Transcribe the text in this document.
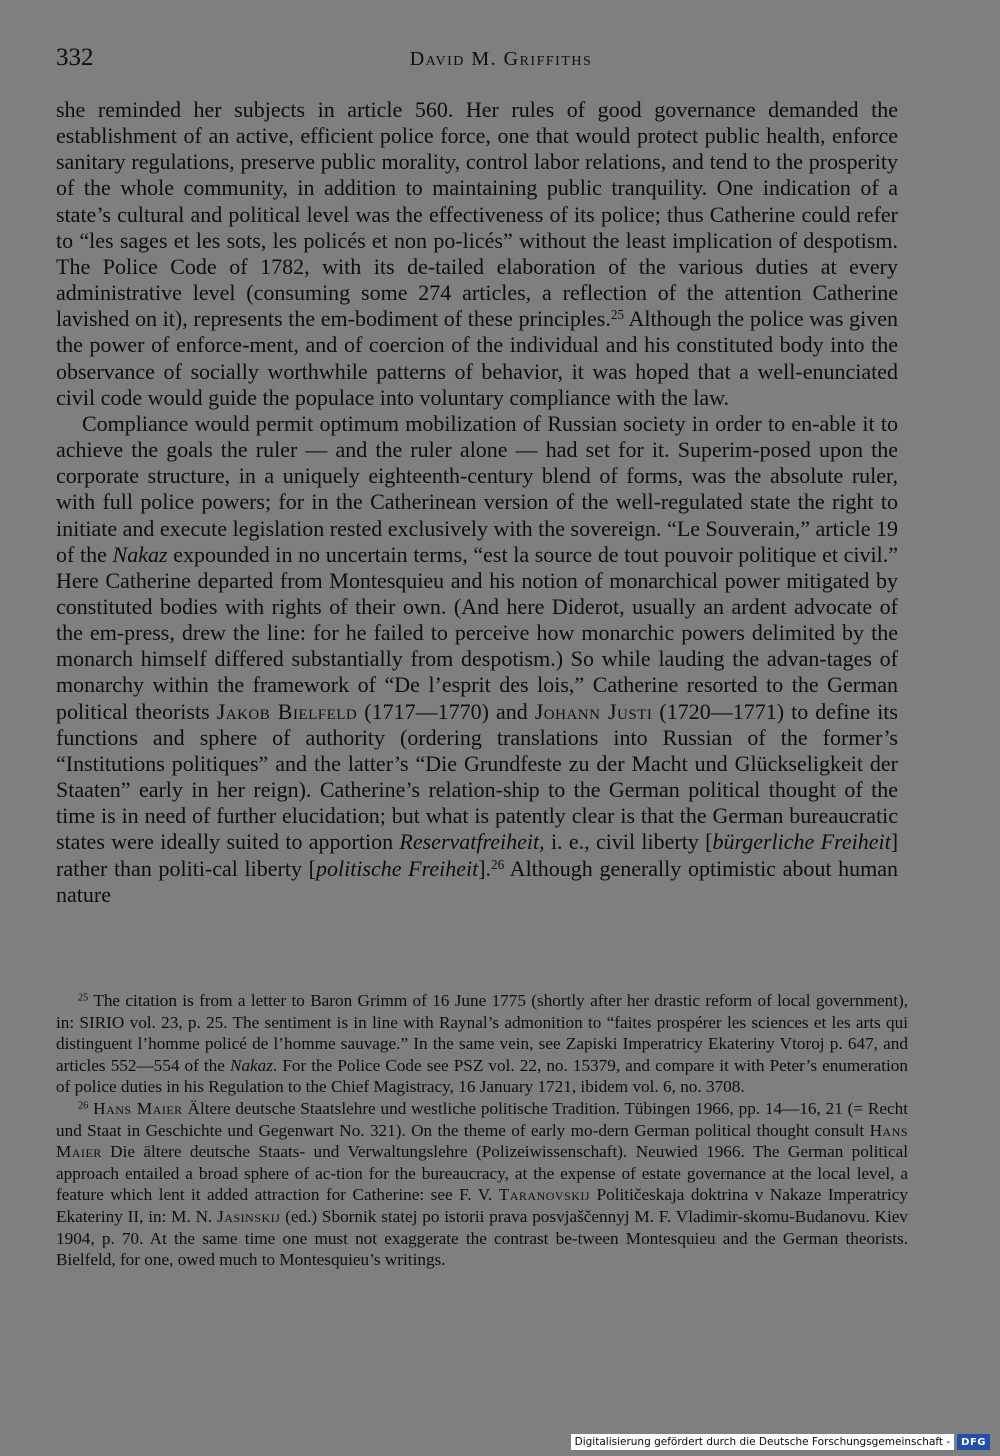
332	David M. Griffiths

she reminded her subjects in article 560. Her rules of good governance demanded the establishment of an active, efficient police force, one that would protect public health, enforce sanitary regulations, preserve public morality, control labor relations, and tend to the prosperity of the whole community, in addition to maintaining public tranquility. One indication of a state’s cultural and political level was the effectiveness of its police; thus Catherine could refer to “les sages et les sots, les policés et non po-licés” without the least implication of despotism. The Police Code of 1782, with its de-tailed elaboration of the various duties at every administrative level (consuming some 274 articles, a reflection of the attention Catherine lavished on it), represents the em-bodiment of these principles.$^{25}$ Although the police was given the power of enforce-ment, and of coercion of the individual and his constituted body into the observance of socially worthwhile patterns of behavior, it was hoped that a well-enunciated civil code would guide the populace into voluntary compliance with the law.

Compliance would permit optimum mobilization of Russian society in order to en-able it to achieve the goals the ruler — and the ruler alone — had set for it. Superim-posed upon the corporate structure, in a uniquely eighteenth-century blend of forms, was the absolute ruler, with full police powers; for in the Catherinean version of the well-regulated state the right to initiate and execute legislation rested exclusively with the sovereign. “Le Souverain,” article 19 of the Nakaz expounded in no uncertain terms, “est la source de tout pouvoir politique et civil.” Here Catherine departed from Montesquieu and his notion of monarchical power mitigated by constituted bodies with rights of their own. (And here Diderot, usually an ardent advocate of the em-press, drew the line: for he failed to perceive how monarchic powers delimited by the monarch himself differed substantially from despotism.) So while lauding the advan-tages of monarchy within the framework of “De l’esprit des lois,” Catherine resorted to the German political theorists Jakob Bielfeld (1717—1770) and Johann Justi (1720—1771) to define its functions and sphere of authority (ordering translations into Russian of the former’s “Institutions politiques” and the latter’s “Die Grundfeste zu der Macht und Glückseligkeit der Staaten” early in her reign). Catherine’s relation-ship to the German political thought of the time is in need of further elucidation; but what is patently clear is that the German bureaucratic states were ideally suited to apportion Reservatfreiheit, i. e., civil liberty [bürgerliche Freiheit] rather than politi-cal liberty [politische Freiheit].$^{26}$ Although generally optimistic about human nature

$^{25}$ The citation is from a letter to Baron Grimm of 16 June 1775 (shortly after her drastic reform of local government), in: SIRIO vol. 23, p. 25. The sentiment is in line with Raynal’s admonition to “faites prospérer les sciences et les arts qui distinguent l’homme policé de l’homme sauvage.” In the same vein, see Zapiski Imperatricy Ekateriny Vtoroj p. 647, and articles 552—554 of the Nakaz. For the Police Code see PSZ vol. 22, no. 15379, and compare it with Peter’s enumeration of police duties in his Regulation to the Chief Magistracy, 16 January 1721, ibidem vol. 6, no. 3708.

$^{26}$ Hans Maier Ältere deutsche Staatslehre und westliche politische Tradition. Tübingen 1966, pp. 14—16, 21 (= Recht und Staat in Geschichte und Gegenwart No. 321). On the theme of early mo-dern German political thought consult Hans Maier Die ältere deutsche Staats- und Verwaltungslehre (Polizeiwissenschaft). Neuwied 1966. The German political approach entailed a broad sphere of ac-tion for the bureaucracy, at the expense of estate governance at the local level, a feature which lent it added attraction for Catherine: see F. V. Taranovskij Političeskaja doktrina v Nakaze Imperatricy Ekateriny II, in: M. N. Jasinskij (ed.) Sbornik statej po istorii prava posvjaščennyj M. F. Vladimir-skomu-Budanovu. Kiev 1904, p. 70. At the same time one must not exaggerate the contrast be-tween Montesquieu and the German theorists. Bielfeld, for one, owed much to Montesquieu’s writings.

Digitalisierung gefördert durch die Deutsche Forschungsgemeinschaft -	DFG
